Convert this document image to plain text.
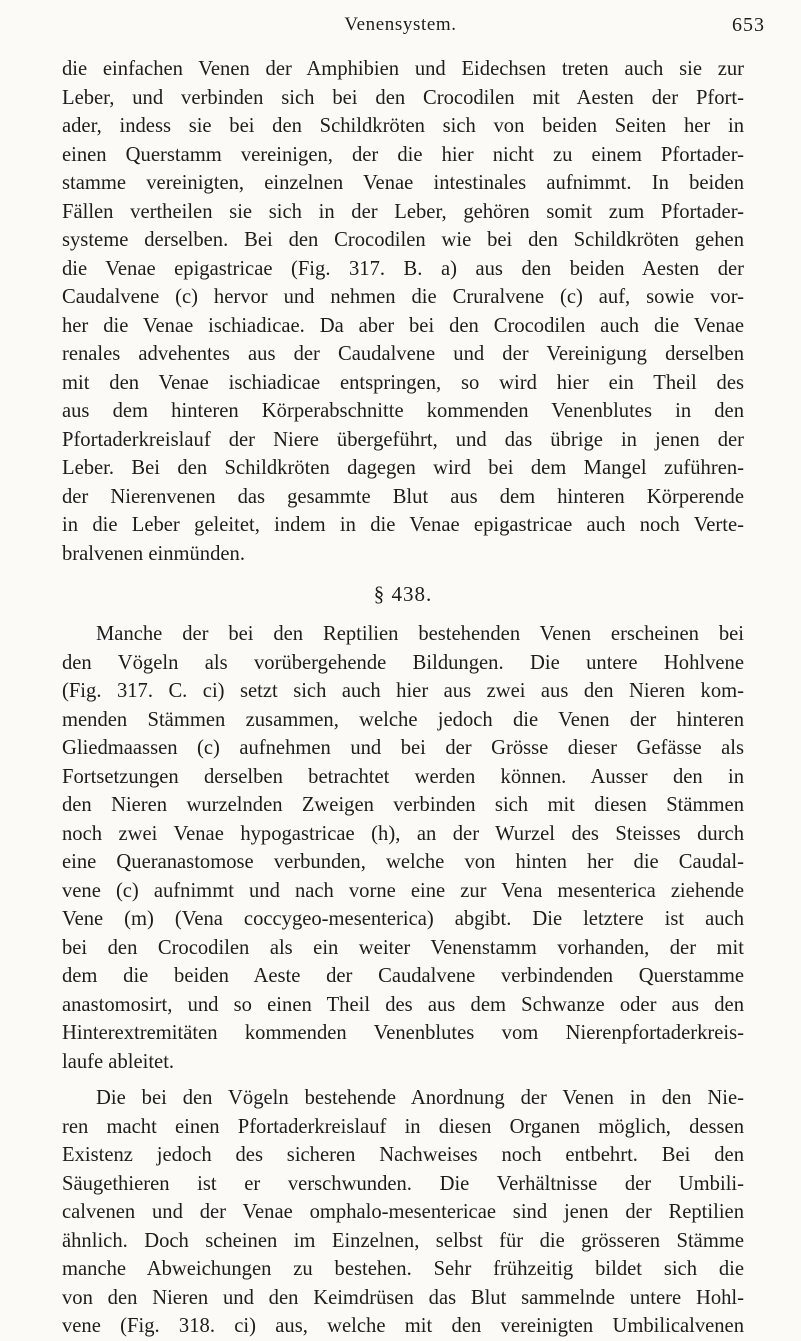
Venensystem.	653
die einfachen Venen der Amphibien und Eidechsen treten auch sie zur
Leber, und verbinden sich bei den Crocodilen mit Aesten der Pfort-
ader, indess sie bei den Schildkröten sich von beiden Seiten her in
einen Querstamm vereinigen, der die hier nicht zu einem Pfortader-
stamme vereinigten, einzelnen Venae intestinales aufnimmt. In beiden
Fällen vertheilen sie sich in der Leber, gehören somit zum Pfortader-
systeme derselben. Bei den Crocodilen wie bei den Schildkröten gehen
die Venae epigastricae (Fig. 317. B. a) aus den beiden Aesten der
Caudalvene (c) hervor und nehmen die Cruralvene (c) auf, sowie vor-
her die Venae ischiadicae. Da aber bei den Crocodilen auch die Venae
renales advehentes aus der Caudalvene und der Vereinigung derselben
mit den Venae ischiadicae entspringen, so wird hier ein Theil des
aus dem hinteren Körperabschnitte kommenden Venenblutes in den
Pfortaderkreislauf der Niere übergeführt, und das übrige in jenen der
Leber. Bei den Schildkröten dagegen wird bei dem Mangel zuführen-
der Nierenvenen das gesammte Blut aus dem hinteren Körperende
in die Leber geleitet, indem in die Venae epigastricae auch noch Verte-
bralvenen einmünden.
§ 438.
Manche der bei den Reptilien bestehenden Venen erscheinen bei
den Vögeln als vorübergehende Bildungen. Die untere Hohlvene
(Fig. 317. C. ci) setzt sich auch hier aus zwei aus den Nieren kom-
menden Stämmen zusammen, welche jedoch die Venen der hinteren
Gliedmaassen (c) aufnehmen und bei der Grösse dieser Gefässe als
Fortsetzungen derselben betrachtet werden können. Ausser den in
den Nieren wurzelnden Zweigen verbinden sich mit diesen Stämmen
noch zwei Venae hypogastricae (h), an der Wurzel des Steisses durch
eine Queranastomose verbunden, welche von hinten her die Caudal-
vene (c) aufnimmt und nach vorne eine zur Vena mesenterica ziehende
Vene (m) (Vena coccygeo-mesenterica) abgibt. Die letztere ist auch
bei den Crocodilen als ein weiter Venenstamm vorhanden, der mit
dem die beiden Aeste der Caudalvene verbindenden Querstamme
anastomosirt, und so einen Theil des aus dem Schwanze oder aus den
Hinterextremitäten kommenden Venenblutes vom Nierenpfortaderkreis-
laufe ableitet.
Die bei den Vögeln bestehende Anordnung der Venen in den Nie-
ren macht einen Pfortaderkreislauf in diesen Organen möglich, dessen
Existenz jedoch des sicheren Nachweises noch entbehrt. Bei den
Säugethieren ist er verschwunden. Die Verhältnisse der Umbili-
calvenen und der Venae omphalo-mesentericae sind jenen der Reptilien
ähnlich. Doch scheinen im Einzelnen, selbst für die grösseren Stämme
manche Abweichungen zu bestehen. Sehr frühzeitig bildet sich die
von den Nieren und den Keimdrüsen das Blut sammelnde untere Hohl-
vene (Fig. 318. ci) aus, welche mit den vereinigten Umbilicalvenen
